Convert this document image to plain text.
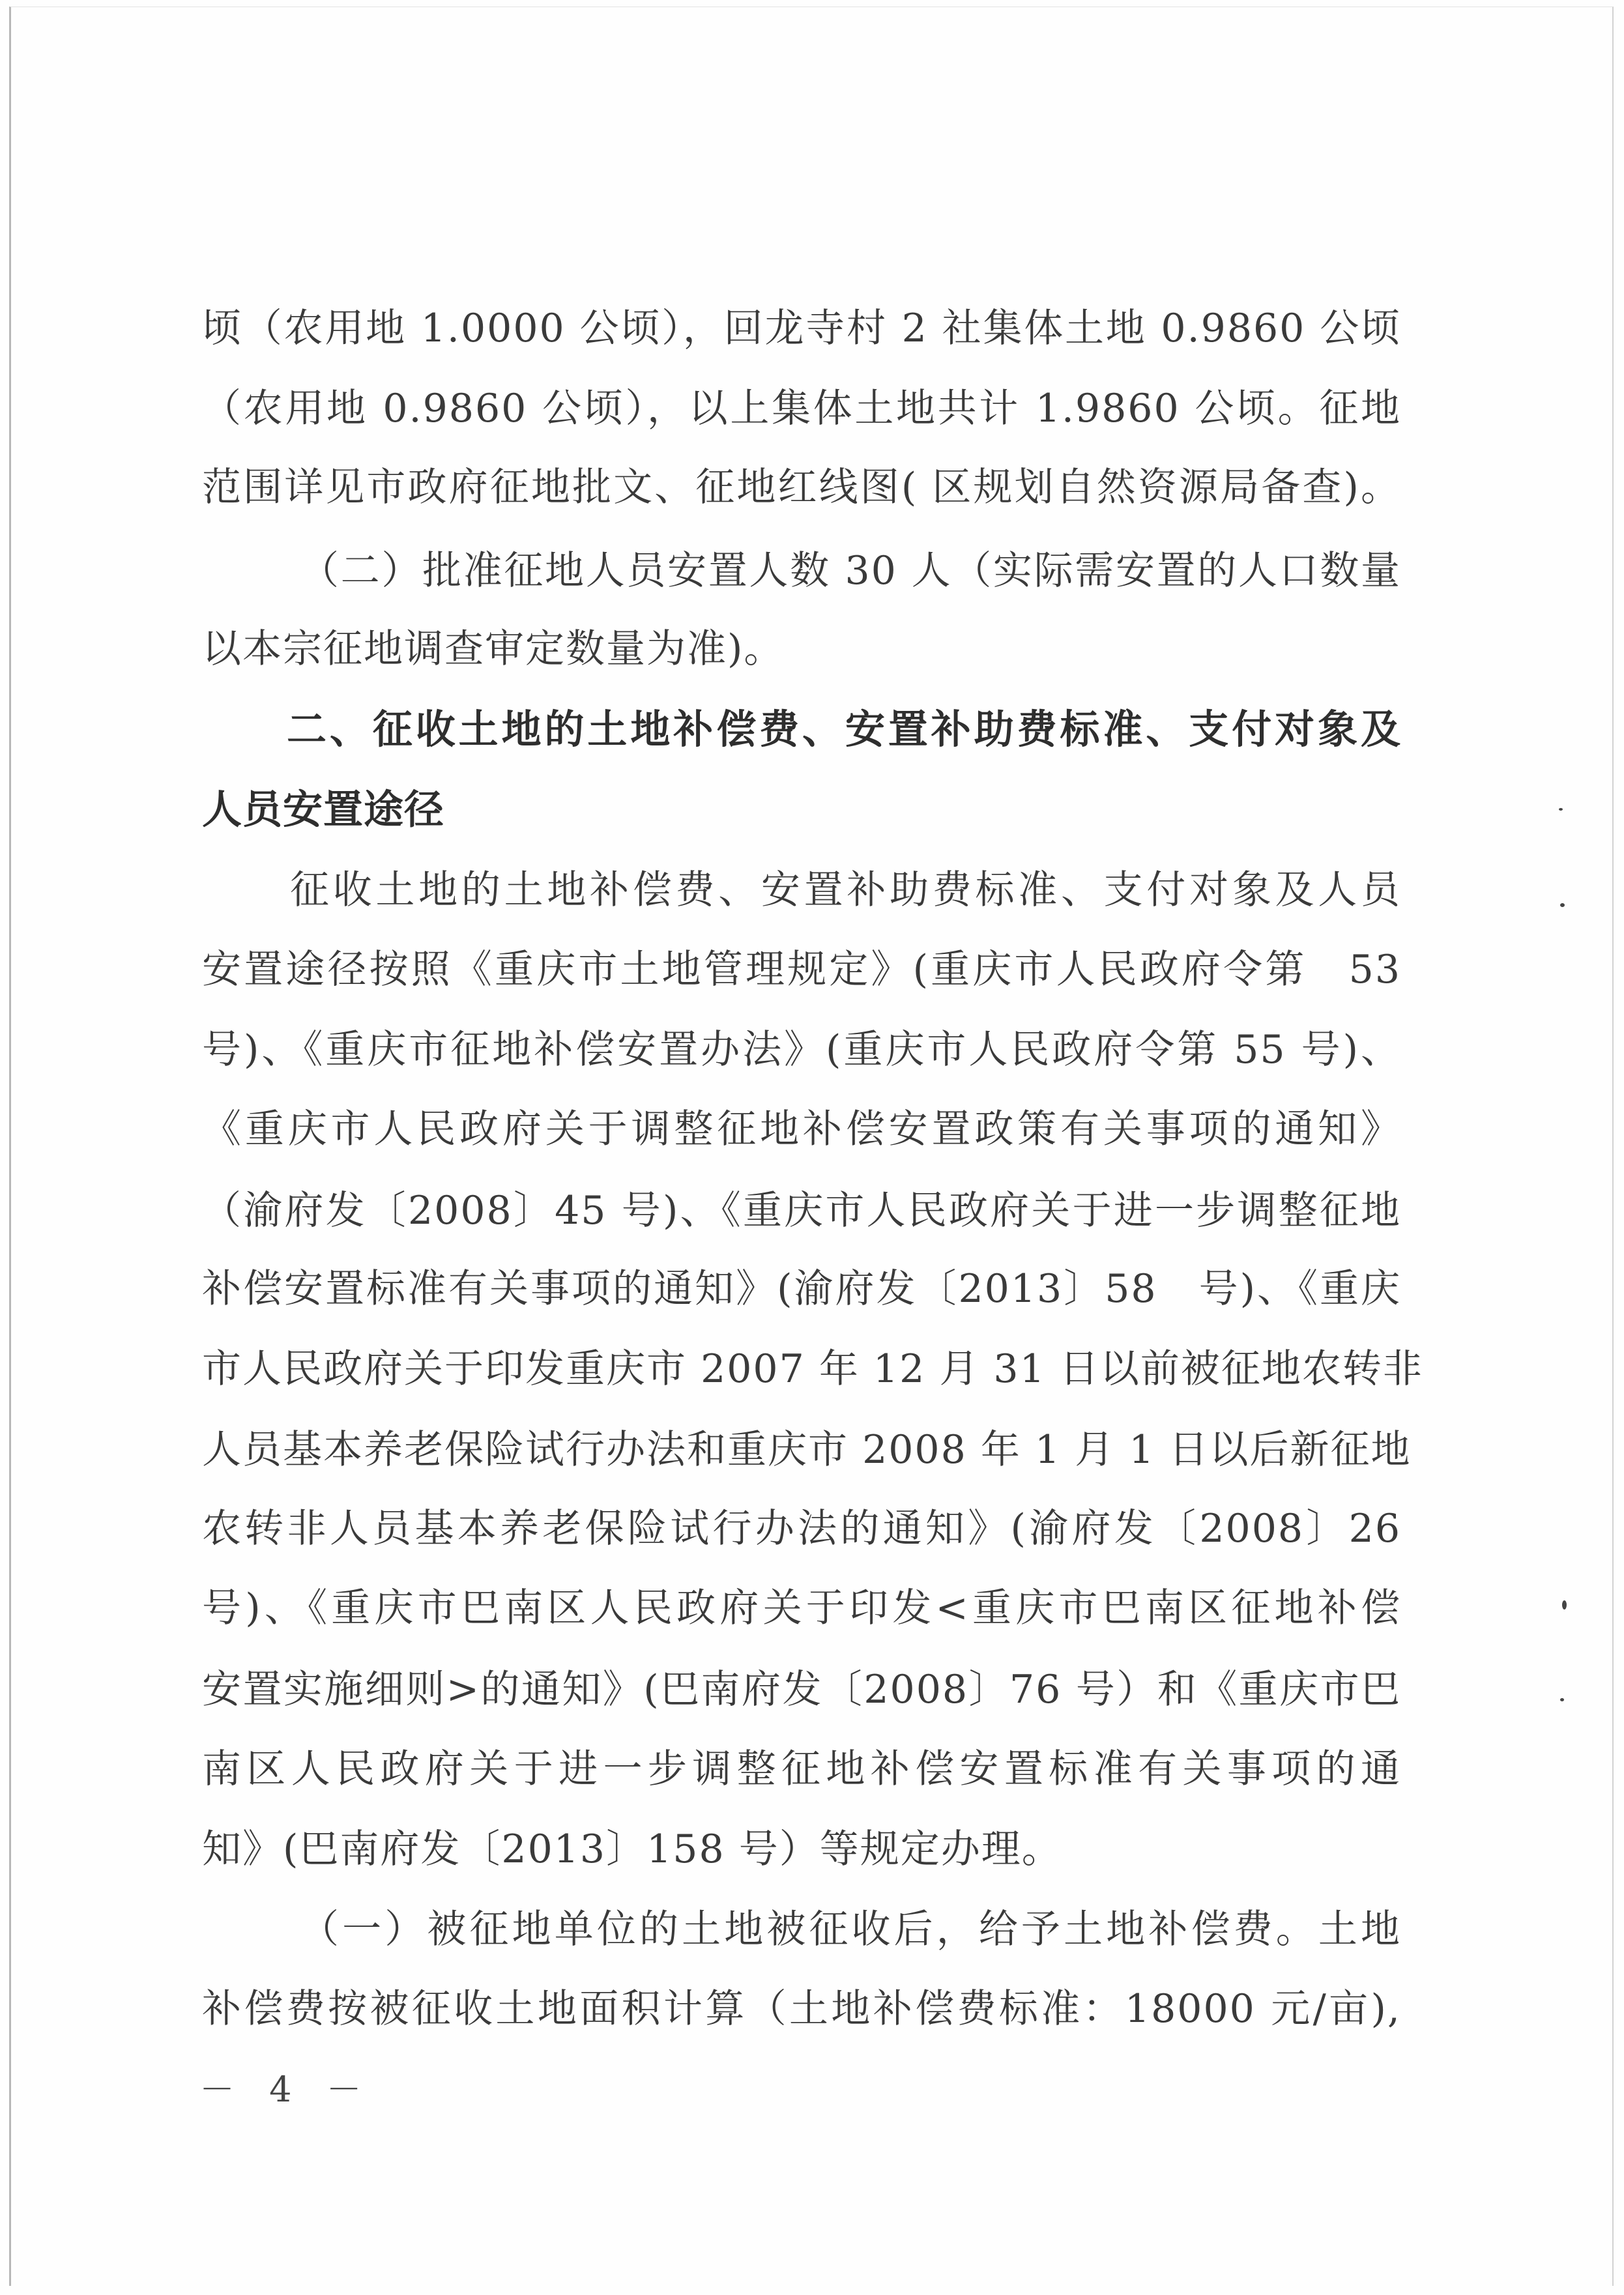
顷（农用地 1.0000 公顷），回龙寺村 2 社集体土地 0.9860 公顷
（农用地 0.9860 公顷），以上集体土地共计 1.9860 公顷。征地
范围详见市政府征地批文、征地红线图( 区规划自然资源局备查)。
（二）批准征地人员安置人数 30 人（实际需安置的人口数量
以本宗征地调查审定数量为准)。
二、征收土地的土地补偿费、安置补助费标准、支付对象及
人员安置途径
征收土地的土地补偿费、安置补助费标准、支付对象及人员
安置途径按照《重庆市土地管理规定》(重庆市人民政府令第　53
号)、《重庆市征地补偿安置办法》(重庆市人民政府令第 55 号)、
《重庆市人民政府关于调整征地补偿安置政策有关事项的通知》
（渝府发〔2008〕45 号)、《重庆市人民政府关于进一步调整征地
补偿安置标准有关事项的通知》(渝府发〔2013〕58　号)、《重庆
市人民政府关于印发重庆市 2007 年 12 月 31 日以前被征地农转非
人员基本养老保险试行办法和重庆市 2008 年 1 月 1 日以后新征地
农转非人员基本养老保险试行办法的通知》(渝府发〔2008〕26
号)、《重庆市巴南区人民政府关于印发<重庆市巴南区征地补偿
安置实施细则>的通知》(巴南府发〔2008〕76 号）和《重庆市巴
南区人民政府关于进一步调整征地补偿安置标准有关事项的通
知》(巴南府发〔2013〕158 号）等规定办理。
（一）被征地单位的土地被征收后，给予土地补偿费。土地
补偿费按被征收土地面积计算（土地补偿费标准：18000 元/亩),
－ 4 －
